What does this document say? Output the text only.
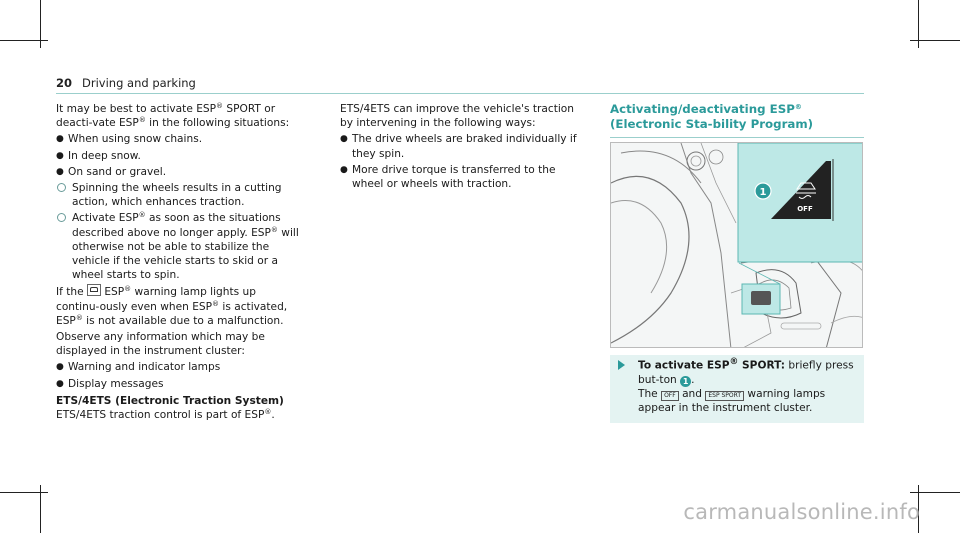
20 Driving and parking

It may be best to activate ESP® SPORT or deacti-vate ESP® in the following situations:

● When using snow chains.
● In deep snow.
● On sand or gravel.
Spinning the wheels results in a cutting action, which enhances traction.
Activate ESP® as soon as the situations described above no longer apply. ESP® will otherwise not be able to stabilize the vehicle if the vehicle starts to skid or a wheel starts to spin.

If the  ESP® warning lamp lights up continu-ously even when ESP® is activated, ESP® is not available due to a malfunction.

Observe any information which may be displayed in the instrument cluster:

● Warning and indicator lamps
● Display messages

ETS/4ETS (Electronic Traction System)

ETS/4ETS traction control is part of ESP®.

ETS/4ETS can improve the vehicle's traction by intervening in the following ways:

● The drive wheels are braked individually if they spin.
● More drive torque is transferred to the wheel or wheels with traction.
Activating/deactivating ESP® (Electronic Sta-bility Program)
OFF
1
To activate ESP® SPORT: briefly press but-ton 1 .
The OFF and ESP SPORT warning lamps appear in the instrument cluster.
carmanualsonline.info
